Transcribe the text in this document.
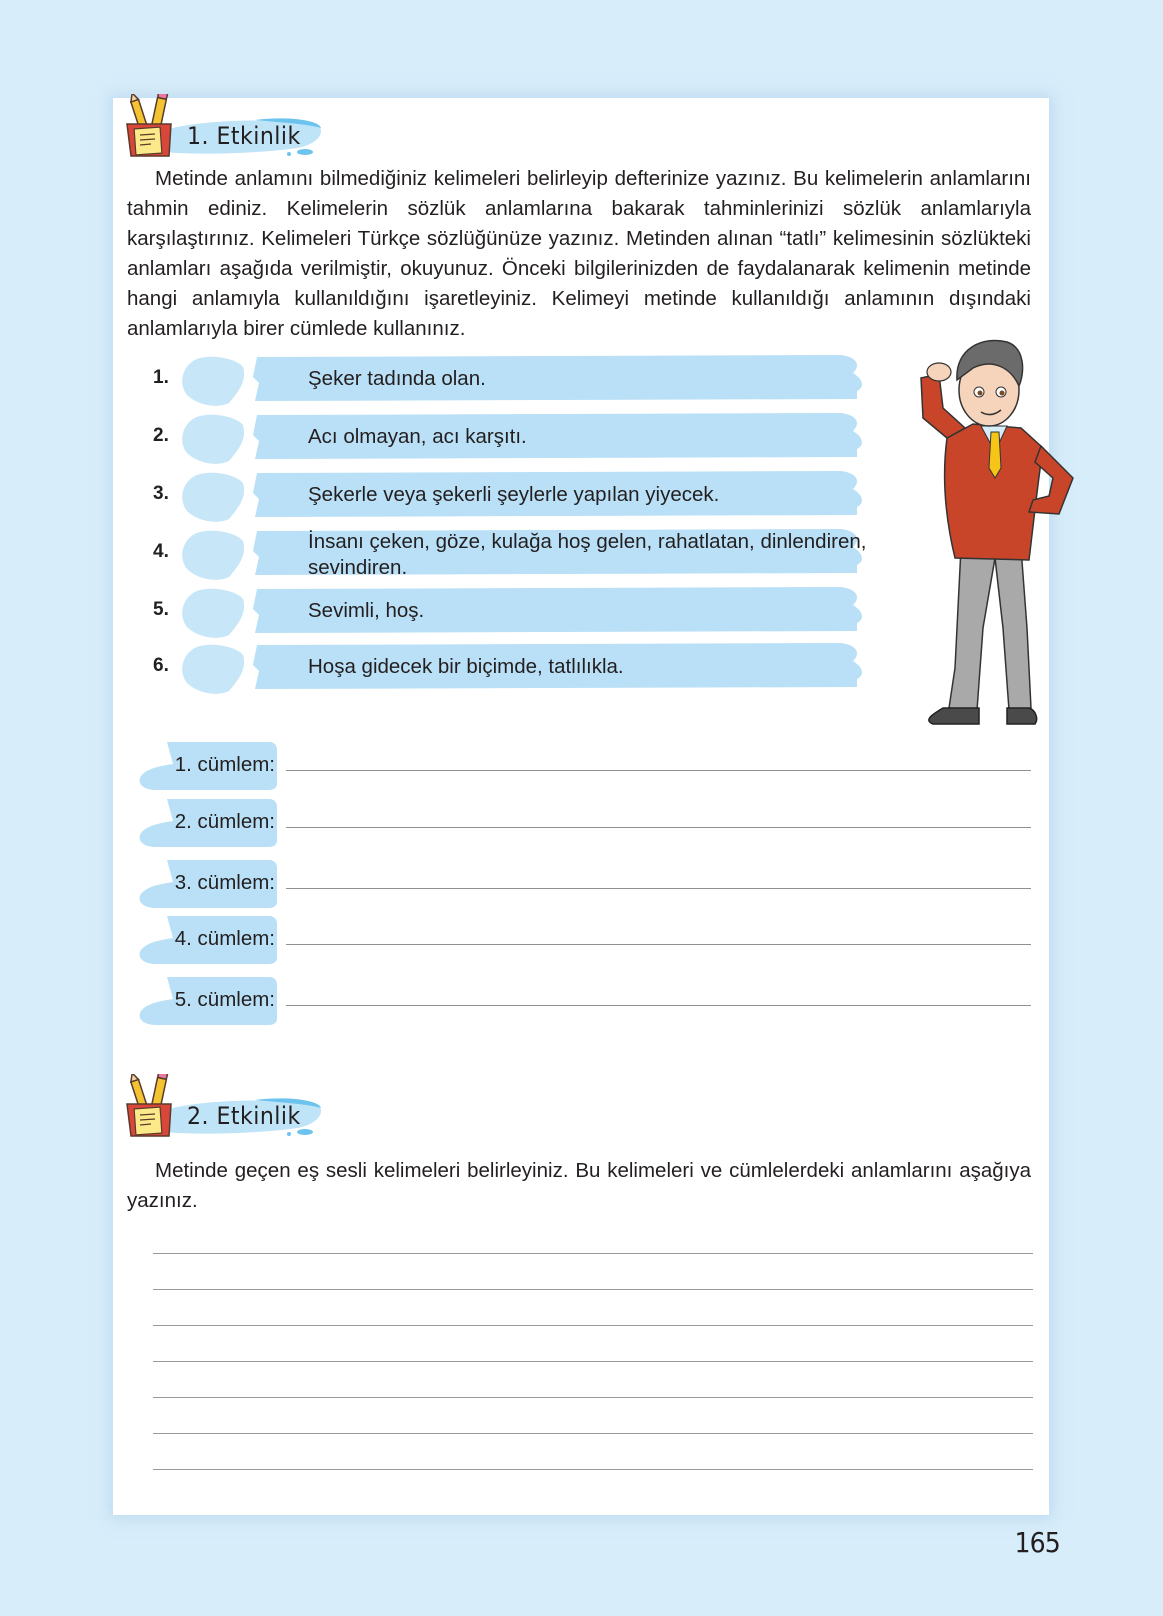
1. Etkinlik
Metinde anlamını bilmediğiniz kelimeleri belirleyip defterinize yazınız. Bu kelimelerin anlamlarını tahmin ediniz. Kelimelerin sözlük anlamlarına bakarak tahminlerinizi sözlük anlamlarıyla karşılaştırınız. Kelimeleri Türkçe sözlüğünüze yazınız. Metinden alınan “tatlı” kelimesinin sözlükteki anlamları aşağıda verilmiştir, okuyunuz. Önceki bilgilerinizden de faydalanarak kelimenin metinde hangi anlamıyla kullanıldığını işaretleyiniz. Kelimeyi metinde kullanıldığı anlamının dışındaki anlamlarıyla birer cümlede kullanınız.
1.	Şeker tadında olan.
2.	Acı olmayan, acı karşıtı.
3.	Şekerle veya şekerli şeylerle yapılan yiyecek.
4.	İnsanı çeken, göze, kulağa hoş gelen, rahatlatan, dinlendiren, sevindiren.
5.	Sevimli, hoş.
6.	Hoşa gidecek bir biçimde, tatlılıkla.
1. cümlem:
2. cümlem:
3. cümlem:
4. cümlem:
5. cümlem:
2. Etkinlik
Metinde geçen eş sesli kelimeleri belirleyiniz. Bu kelimeleri ve cümlelerdeki anlamlarını aşağıya yazınız.
165
